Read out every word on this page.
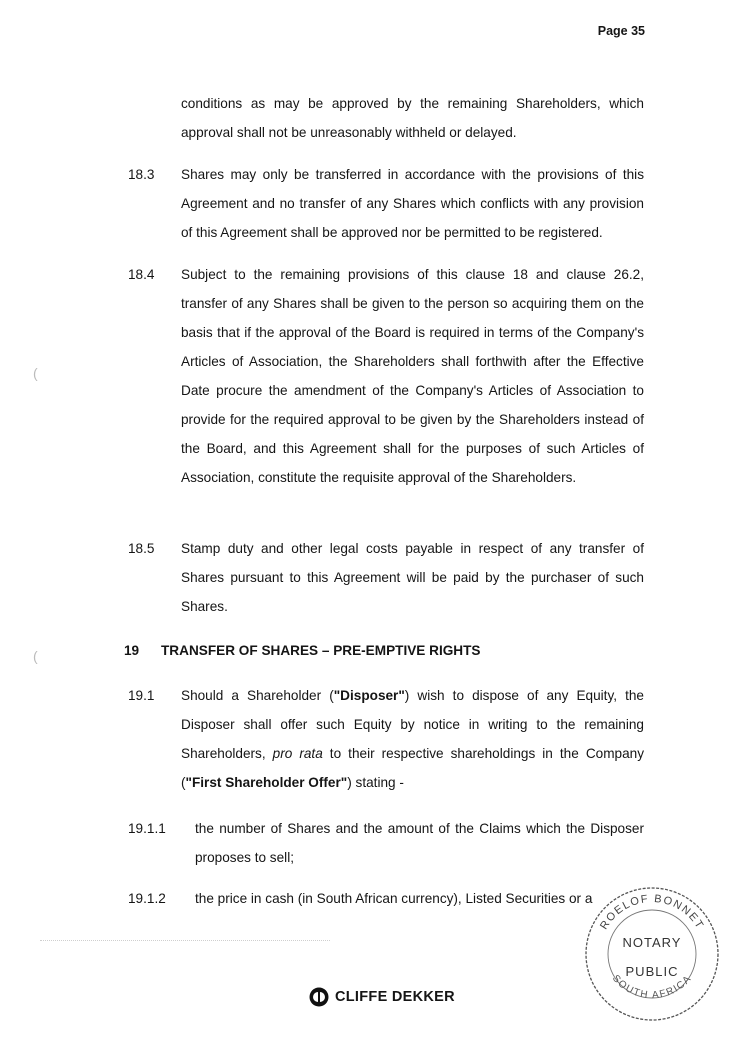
Page 35
conditions as may be approved by the remaining Shareholders, which approval shall not be unreasonably withheld or delayed.
18.3 Shares may only be transferred in accordance with the provisions of this Agreement and no transfer of any Shares which conflicts with any provision of this Agreement shall be approved nor be permitted to be registered.
18.4 Subject to the remaining provisions of this clause 18 and clause 26.2, transfer of any Shares shall be given to the person so acquiring them on the basis that if the approval of the Board is required in terms of the Company's Articles of Association, the Shareholders shall forthwith after the Effective Date procure the amendment of the Company's Articles of Association to provide for the required approval to be given by the Shareholders instead of the Board, and this Agreement shall for the purposes of such Articles of Association, constitute the requisite approval of the Shareholders.
18.5 Stamp duty and other legal costs payable in respect of any transfer of Shares pursuant to this Agreement will be paid by the purchaser of such Shares.
19 TRANSFER OF SHARES – PRE-EMPTIVE RIGHTS
19.1 Should a Shareholder ("Disposer") wish to dispose of any Equity, the Disposer shall offer such Equity by notice in writing to the remaining Shareholders, pro rata to their respective shareholdings in the Company ("First Shareholder Offer") stating -
19.1.1 the number of Shares and the amount of the Claims which the Disposer proposes to sell;
19.1.2 the price in cash (in South African currency), Listed Securities or a
(
(
CLIFFE DEKKER
ROELOF BONNET
SOUTH AFRICA
NOTARY
PUBLIC
